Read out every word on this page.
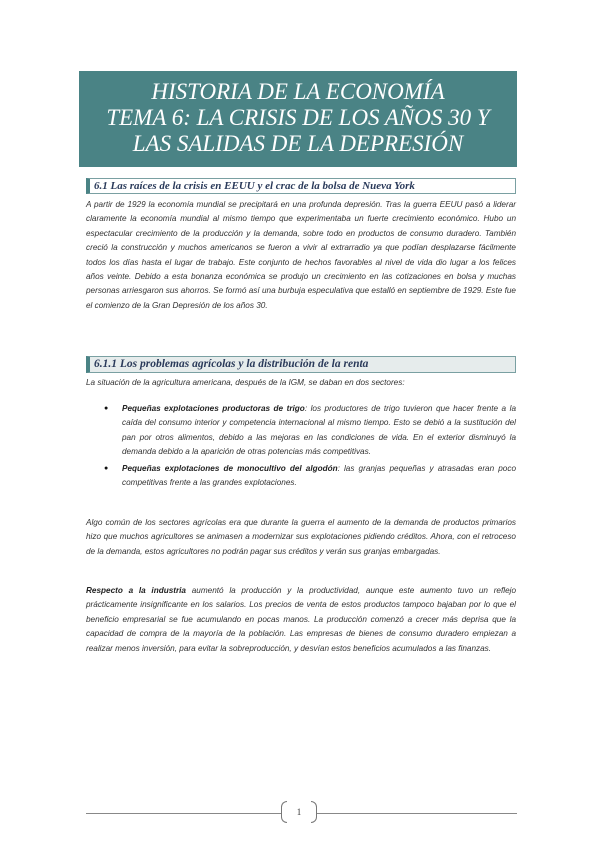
HISTORIA DE LA ECONOMÍA
TEMA 6: LA CRISIS DE LOS AÑOS 30 Y
LAS SALIDAS DE LA DEPRESIÓN
6.1 Las raíces de la crisis en EEUU y el crac de la bolsa de Nueva York
A partir de 1929 la economía mundial se precipitará en una profunda depresión. Tras la guerra EEUU pasó a liderar claramente la economía mundial al mismo tiempo que experimentaba un fuerte crecimiento económico. Hubo un espectacular crecimiento de la producción y la demanda, sobre todo en productos de consumo duradero. También creció la construcción y muchos americanos se fueron a vivir al extrarradio ya que podían desplazarse fácilmente todos los días hasta el lugar de trabajo. Este conjunto de hechos favorables al nivel de vida dio lugar a los felices años veinte. Debido a esta bonanza económica se produjo un crecimiento en las cotizaciones en bolsa y muchas personas arriesgaron sus ahorros. Se formó así una burbuja especulativa que estalló en septiembre de 1929. Este fue el comienzo de la Gran Depresión de los años 30.
6.1.1 Los problemas agrícolas y la distribución de la renta
La situación de la agricultura americana, después de la IGM, se daban en dos sectores:
● Pequeñas explotaciones productoras de trigo: los productores de trigo tuvieron que hacer frente a la caída del consumo interior y competencia internacional al mismo tiempo. Esto se debió a la sustitución del pan por otros alimentos, debido a las mejoras en las condiciones de vida. En el exterior disminuyó la demanda debido a la aparición de otras potencias más competitivas.
● Pequeñas explotaciones de monocultivo del algodón: las granjas pequeñas y atrasadas eran poco competitivas frente a las grandes explotaciones.
Algo común de los sectores agrícolas era que durante la guerra el aumento de la demanda de productos primarios hizo que muchos agricultores se animasen a modernizar sus explotaciones pidiendo créditos. Ahora, con el retroceso de la demanda, estos agricultores no podrán pagar sus créditos y verán sus granjas embargadas.
Respecto a la industria aumentó la producción y la productividad, aunque este aumento tuvo un reflejo prácticamente insignificante en los salarios. Los precios de venta de estos productos tampoco bajaban por lo que el beneficio empresarial se fue acumulando en pocas manos. La producción comenzó a crecer más deprisa que la capacidad de compra de la mayoría de la población. Las empresas de bienes de consumo duradero empiezan a realizar menos inversión, para evitar la sobreproducción, y desvían estos beneficios acumulados a las finanzas.
1
